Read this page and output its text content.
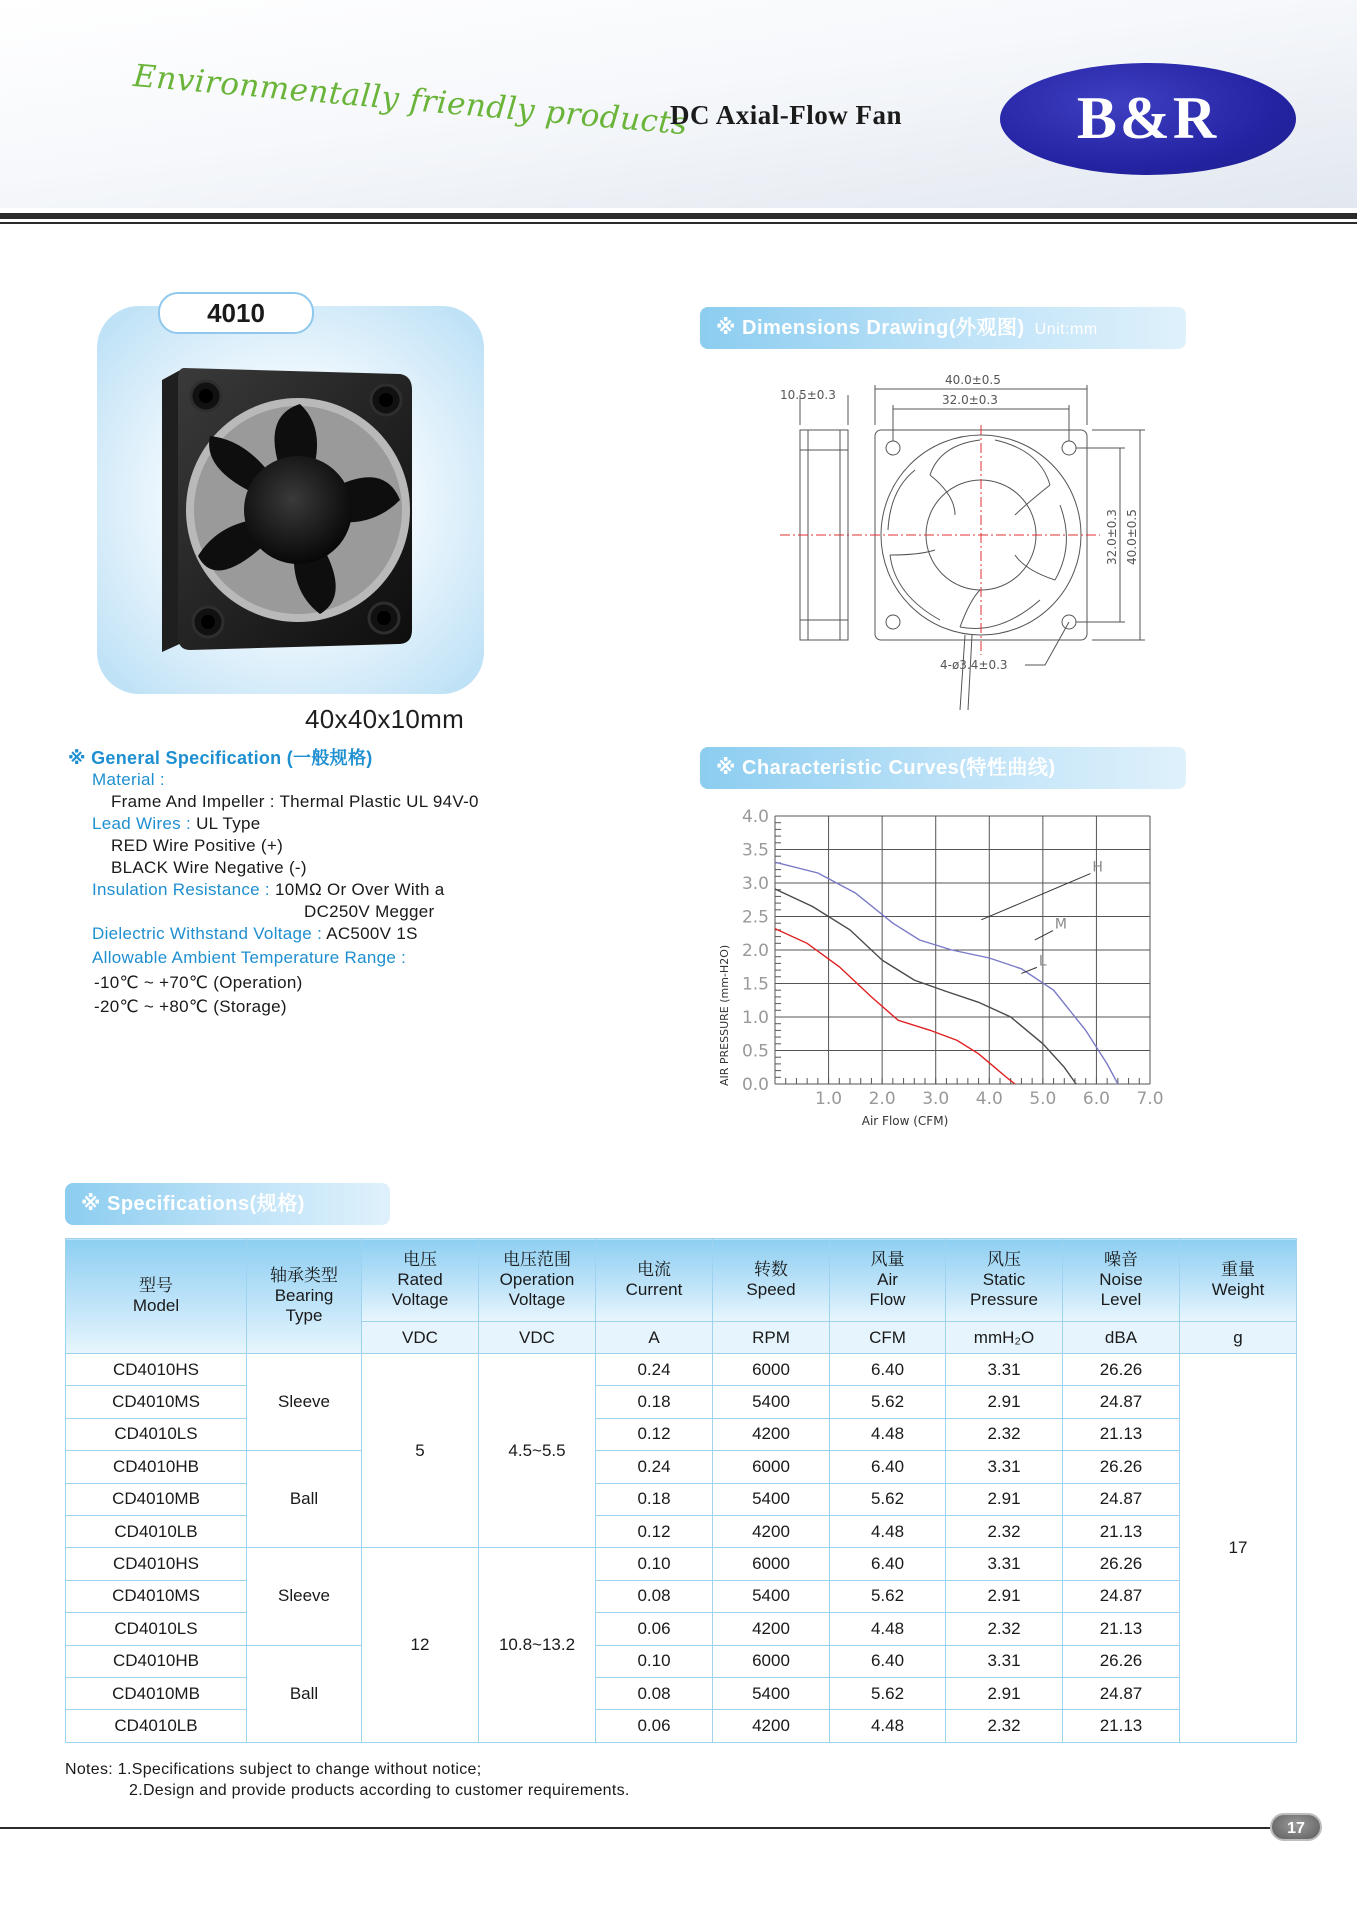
Environmentally friendly products
DC Axial-Flow Fan	B&R
4010
40x40x10mm
※ General Specification (一般规格)
Material :
Frame And Impeller : Thermal Plastic UL 94V-0
Lead Wires : UL Type
RED Wire Positive (+)
BLACK Wire Negative (-)
Insulation Resistance : 10MΩ Or Over With a
DC250V Megger
Dielectric Withstand Voltage : AC500V 1S
Allowable Ambient Temperature Range :
-10℃ ~ +70℃ (Operation)
-20℃ ~ +80℃ (Storage)
※ Dimensions Drawing(外观图) Unit:mm
10.5±0.3
40.0±0.5
32.0±0.3
32.0±0.3 40.0±0.5
4-ø3.4±0.3
※ Characteristic Curves(特性曲线)
1.0 2.0 3.0 4.0 5.0 6.0 7.0
0.0
0.5
1.0
1.5
2.0
2.5
3.0
3.5
4.0
H
M
L
AIR PRESSURE (mm-H2O)
Air Flow (CFM)
※ Specifications(规格)
型号
Model	轴承类型
Bearing
Type	电压
Rated
Voltage	电压范围
Operation
Voltage	电流
Current	转数
Speed	风量
Air
Flow	风压
Static
Pressure	噪音
Noise
Level	重量
Weight

		VDC	VDC	A	RPM	CFM	mmH₂O	dBA	g
CD4010HS	Sleeve	5	4.5~5.5	0.24	6000	6.40	3.31	26.26	17
CD4010MS				0.18	5400	5.62	2.91	24.87	
CD4010LS				0.12	4200	4.48	2.32	21.13	
CD4010HB	Ball			0.24	6000	6.40	3.31	26.26	
CD4010MB				0.18	5400	5.62	2.91	24.87	
CD4010LB				0.12	4200	4.48	2.32	21.13	
CD4010HS	Sleeve	12	10.8~13.2	0.10	6000	6.40	3.31	26.26	
CD4010MS				0.08	5400	5.62	2.91	24.87	
CD4010LS				0.06	4200	4.48	2.32	21.13	
CD4010HB	Ball			0.10	6000	6.40	3.31	26.26	
CD4010MB				0.08	5400	5.62	2.91	24.87	
CD4010LB				0.06	4200	4.48	2.32	21.13	
Notes: 1.Specifications subject to change without notice;
2.Design and provide products according to customer requirements.
17
